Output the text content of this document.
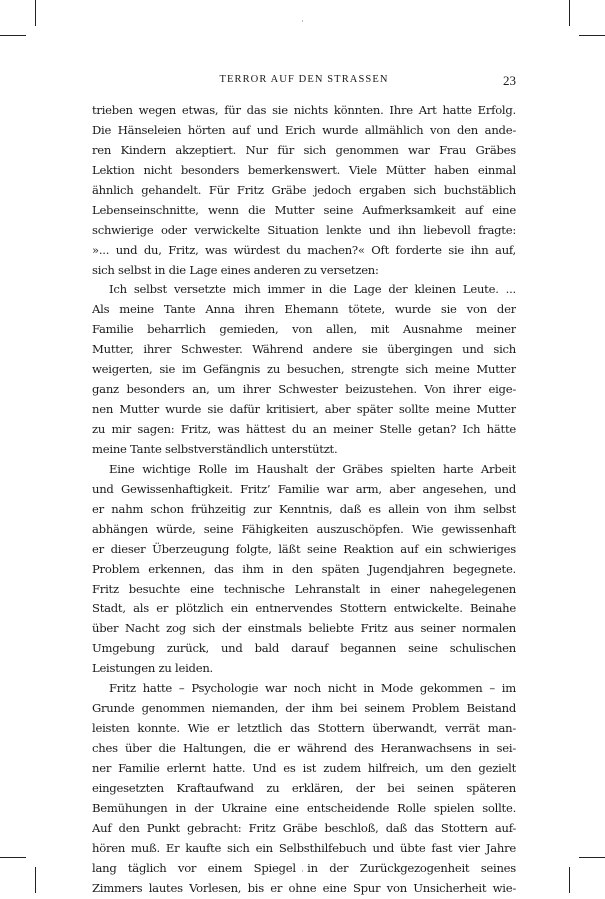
TERROR AUF DEN STRASSEN	23
trieben wegen etwas, für das sie nichts könnten. Ihre Art hatte Erfolg.
Die Hänseleien hörten auf und Erich wurde allmählich von den ande-
ren Kindern akzeptiert. Nur für sich genommen war Frau Gräbes
Lektion nicht besonders bemerkenswert. Viele Mütter haben einmal
ähnlich gehandelt. Für Fritz Gräbe jedoch ergaben sich buchstäblich
Lebenseinschnitte, wenn die Mutter seine Aufmerksamkeit auf eine
schwierige oder verwickelte Situation lenkte und ihn liebevoll fragte:
»... und du, Fritz, was würdest du machen?« Oft forderte sie ihn auf,
sich selbst in die Lage eines anderen zu versetzen:
Ich selbst versetzte mich immer in die Lage der kleinen Leute. ...
Als meine Tante Anna ihren Ehemann tötete, wurde sie von der
Familie beharrlich gemieden, von allen, mit Ausnahme meiner
Mutter, ihrer Schwester. Während andere sie übergingen und sich
weigerten, sie im Gefängnis zu besuchen, strengte sich meine Mutter
ganz besonders an, um ihrer Schwester beizustehen. Von ihrer eige-
nen Mutter wurde sie dafür kritisiert, aber später sollte meine Mutter
zu mir sagen: Fritz, was hättest du an meiner Stelle getan? Ich hätte
meine Tante selbstverständlich unterstützt.
Eine wichtige Rolle im Haushalt der Gräbes spielten harte Arbeit
und Gewissenhaftigkeit. Fritz’ Familie war arm, aber angesehen, und
er nahm schon frühzeitig zur Kenntnis, daß es allein von ihm selbst
abhängen würde, seine Fähigkeiten auszuschöpfen. Wie gewissenhaft
er dieser Überzeugung folgte, läßt seine Reaktion auf ein schwieriges
Problem erkennen, das ihm in den späten Jugendjahren begegnete.
Fritz besuchte eine technische Lehranstalt in einer nahegelegenen
Stadt, als er plötzlich ein entnervendes Stottern entwickelte. Beinahe
über Nacht zog sich der einstmals beliebte Fritz aus seiner normalen
Umgebung zurück, und bald darauf begannen seine schulischen
Leistungen zu leiden.
Fritz hatte – Psychologie war noch nicht in Mode gekommen – im
Grunde genommen niemanden, der ihm bei seinem Problem Beistand
leisten konnte. Wie er letztlich das Stottern überwandt, verrät man-
ches über die Haltungen, die er während des Heranwachsens in sei-
ner Familie erlernt hatte. Und es ist zudem hilfreich, um den gezielt
eingesetzten Kraftaufwand zu erklären, der bei seinen späteren
Bemühungen in der Ukraine eine entscheidende Rolle spielen sollte.
Auf den Punkt gebracht: Fritz Gräbe beschloß, daß das Stottern auf-
hören muß. Er kaufte sich ein Selbsthilfebuch und übte fast vier Jahre
lang täglich vor einem Spiegel in der Zurückgezogenheit seines
Zimmers lautes Vorlesen, bis er ohne eine Spur von Unsicherheit wie-
